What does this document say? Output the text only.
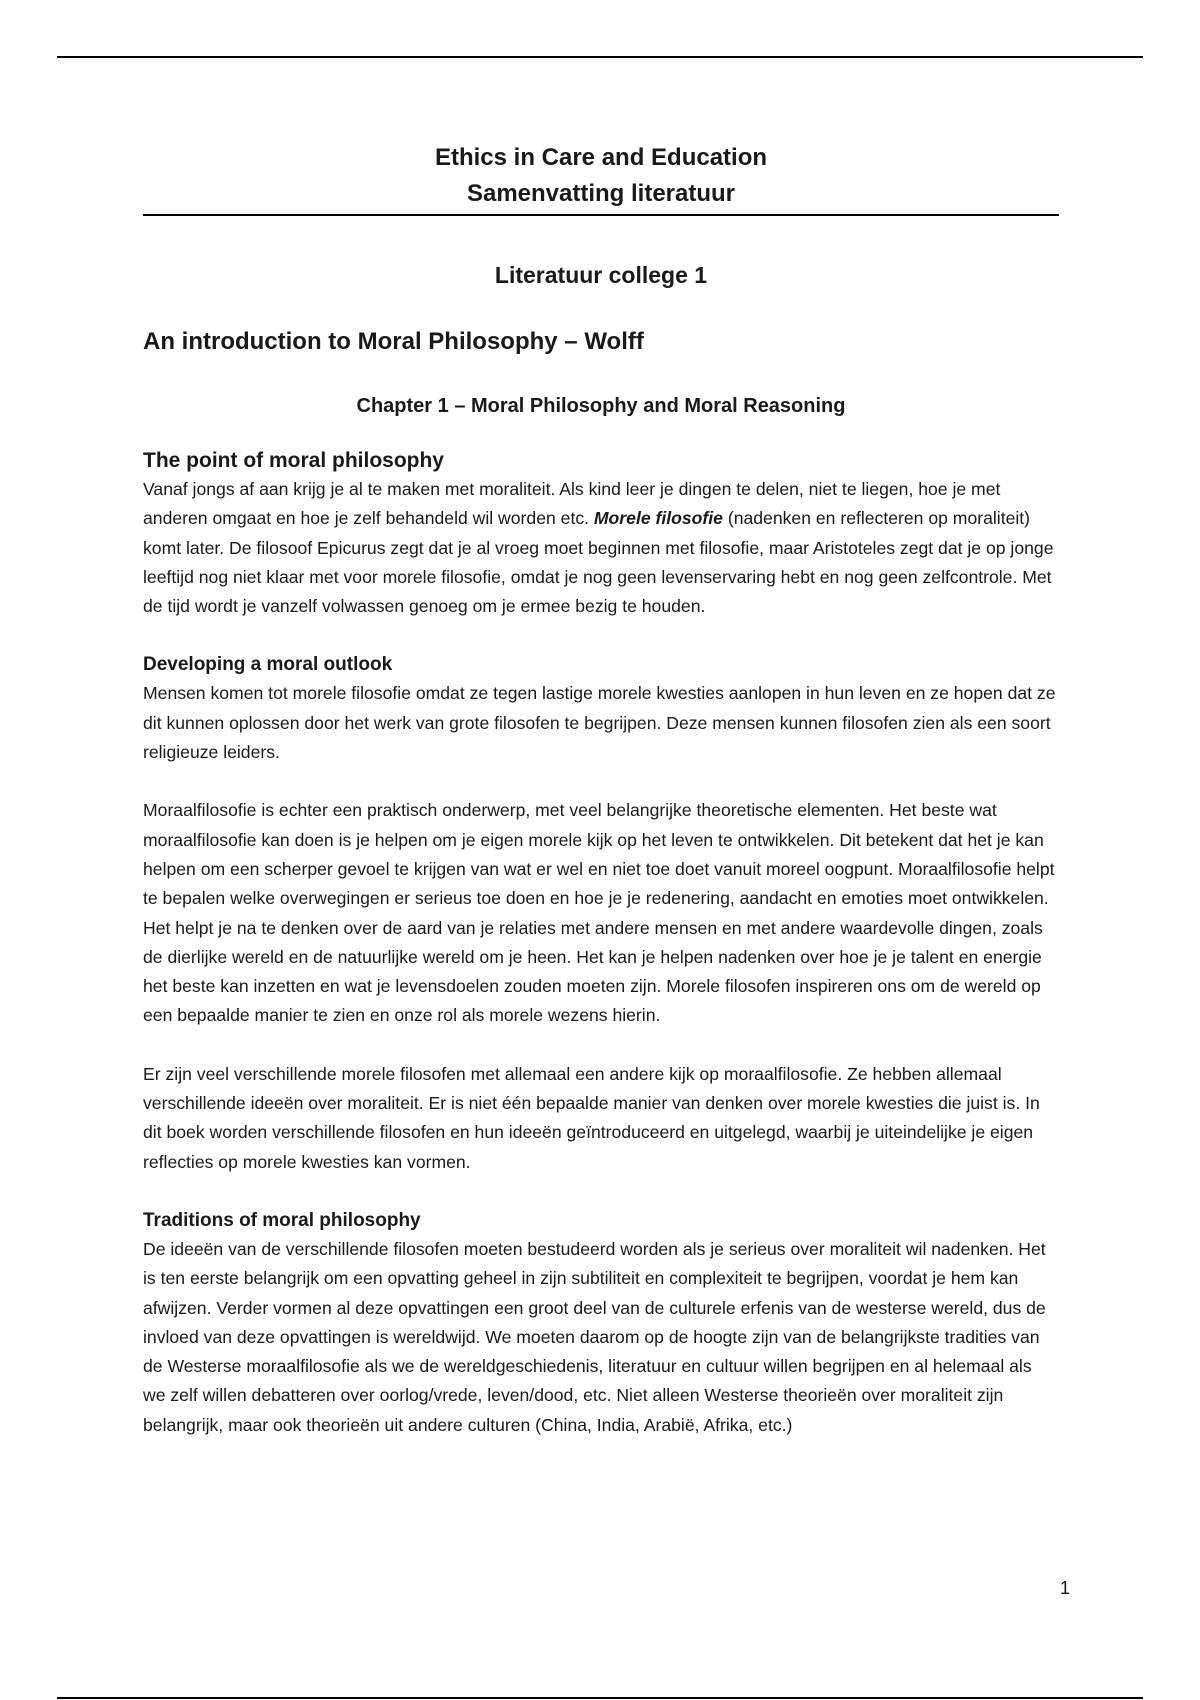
Ethics in Care and Education
Samenvatting literatuur
Literatuur college 1
An introduction to Moral Philosophy – Wolff
Chapter 1 – Moral Philosophy and Moral Reasoning
The point of moral philosophy

Vanaf jongs af aan krijg je al te maken met moraliteit. Als kind leer je dingen te delen, niet te liegen, hoe je met anderen omgaat en hoe je zelf behandeld wil worden etc. Morele filosofie (nadenken en reflecteren op moraliteit) komt later. De filosoof Epicurus zegt dat je al vroeg moet beginnen met filosofie, maar Aristoteles zegt dat je op jonge leeftijd nog niet klaar met voor morele filosofie, omdat je nog geen levenservaring hebt en nog geen zelfcontrole. Met de tijd wordt je vanzelf volwassen genoeg om je ermee bezig te houden.

Developing a moral outlook

Mensen komen tot morele filosofie omdat ze tegen lastige morele kwesties aanlopen in hun leven en ze hopen dat ze dit kunnen oplossen door het werk van grote filosofen te begrijpen. Deze mensen kunnen filosofen zien als een soort religieuze leiders.

Moraalfilosofie is echter een praktisch onderwerp, met veel belangrijke theoretische elementen. Het beste wat moraalfilosofie kan doen is je helpen om je eigen morele kijk op het leven te ontwikkelen. Dit betekent dat het je kan helpen om een scherper gevoel te krijgen van wat er wel en niet toe doet vanuit moreel oogpunt. Moraalfilosofie helpt te bepalen welke overwegingen er serieus toe doen en hoe je je redenering, aandacht en emoties moet ontwikkelen. Het helpt je na te denken over de aard van je relaties met andere mensen en met andere waardevolle dingen, zoals de dierlijke wereld en de natuurlijke wereld om je heen. Het kan je helpen nadenken over hoe je je talent en energie het beste kan inzetten en wat je levensdoelen zouden moeten zijn. Morele filosofen inspireren ons om de wereld op een bepaalde manier te zien en onze rol als morele wezens hierin.

Er zijn veel verschillende morele filosofen met allemaal een andere kijk op moraalfilosofie. Ze hebben allemaal verschillende ideeën over moraliteit. Er is niet één bepaalde manier van denken over morele kwesties die juist is. In dit boek worden verschillende filosofen en hun ideeën geïntroduceerd en uitgelegd, waarbij je uiteindelijke je eigen reflecties op morele kwesties kan vormen.

Traditions of moral philosophy

De ideeën van de verschillende filosofen moeten bestudeerd worden als je serieus over moraliteit wil nadenken. Het is ten eerste belangrijk om een opvatting geheel in zijn subtiliteit en complexiteit te begrijpen, voordat je hem kan afwijzen. Verder vormen al deze opvattingen een groot deel van de culturele erfenis van de westerse wereld, dus de invloed van deze opvattingen is wereldwijd. We moeten daarom op de hoogte zijn van de belangrijkste tradities van de Westerse moraalfilosofie als we de wereldgeschiedenis, literatuur en cultuur willen begrijpen en al helemaal als we zelf willen debatteren over oorlog/vrede, leven/dood, etc. Niet alleen Westerse theorieën over moraliteit zijn belangrijk, maar ook theorieën uit andere culturen (China, India, Arabië, Afrika, etc.)

1
